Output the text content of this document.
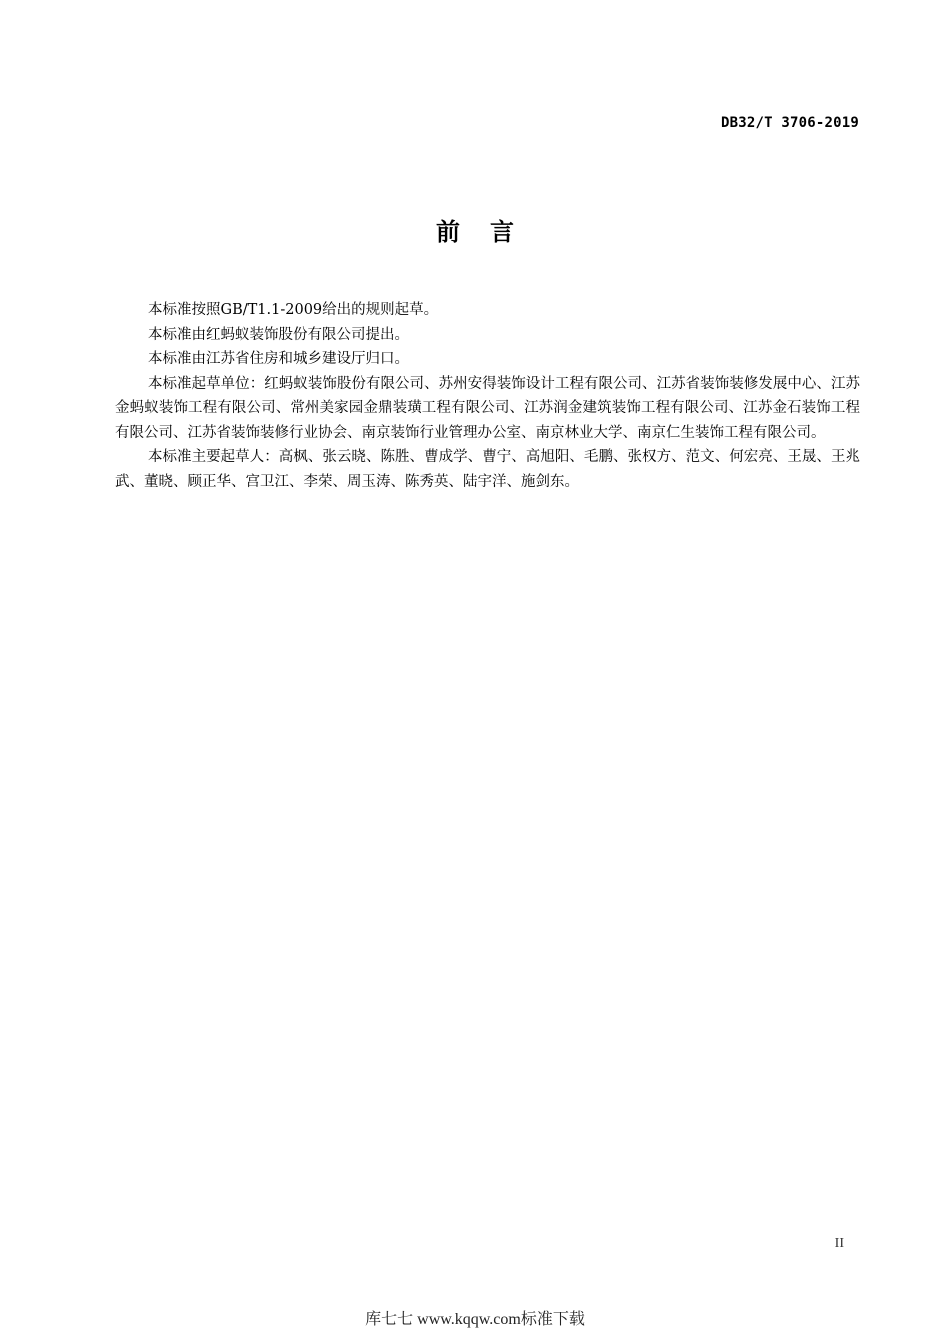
DB32/T 3706-2019
前言

本标准按照GB/T1.1-2009给出的规则起草。

本标准由红蚂蚁装饰股份有限公司提出。

本标准由江苏省住房和城乡建设厅归口。

本标准起草单位：红蚂蚁装饰股份有限公司、苏州安得装饰设计工程有限公司、江苏省装饰装修发展中心、江苏金蚂蚁装饰工程有限公司、常州美家园金鼎装璜工程有限公司、江苏润金建筑装饰工程有限公司、江苏金石装饰工程有限公司、江苏省装饰装修行业协会、南京装饰行业管理办公室、南京林业大学、南京仁生装饰工程有限公司。

本标准主要起草人：高枫、张云晓、陈胜、曹成学、曹宁、高旭阳、毛鹏、张权方、范文、何宏亮、王晟、王兆武、董晓、顾正华、宫卫江、李荣、周玉涛、陈秀英、陆宇洋、施剑东。

II
库七七 www.kqqw.com标准下载
